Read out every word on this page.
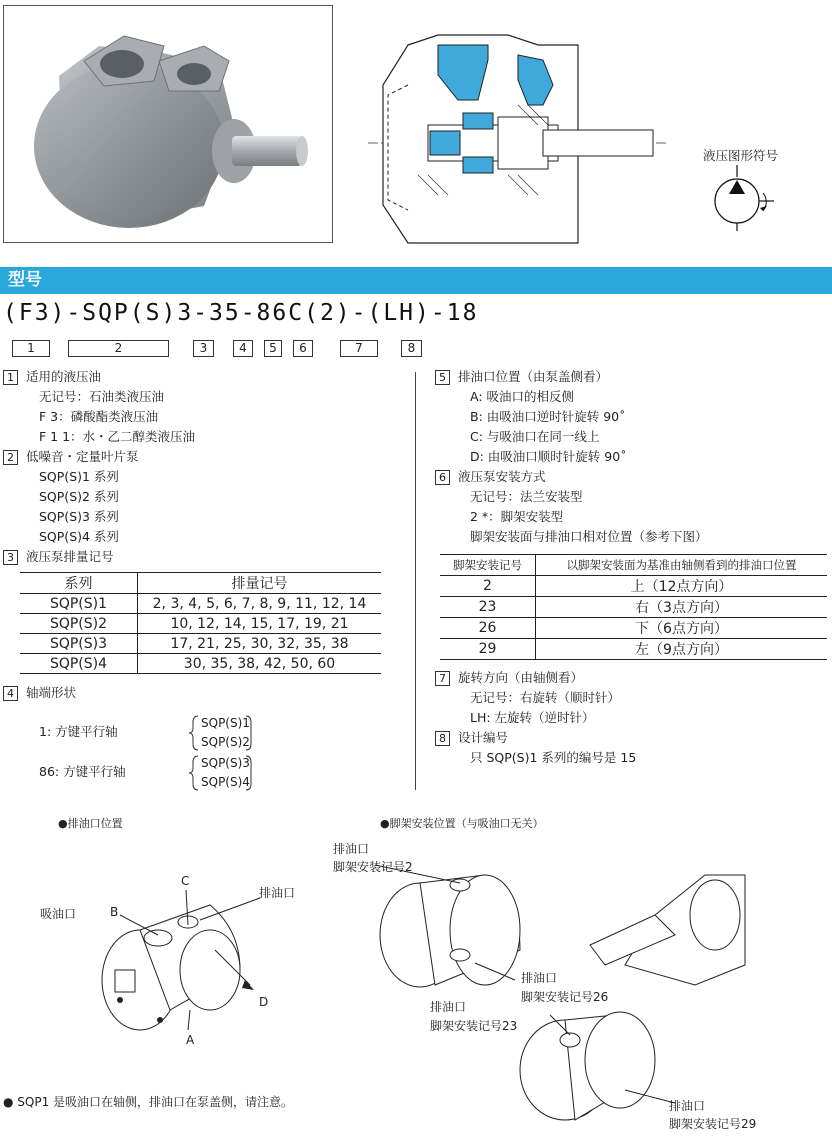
液压图形符号
型号
(F3)-SQP(S)3-35-86C(2)-(LH)-18
1	2	3	4	5	6	7	8
1 适用的液压油
无记号：石油类液压油
F 3：磷酸酯类液压油
F 1 1：水・乙二醇类液压油
2 低噪音・定量叶片泵
SQP(S)1 系列
SQP(S)2 系列
SQP(S)3 系列
SQP(S)4 系列
3 液压泵排量记号
系列	排量记号
SQP(S)1	2, 3, 4, 5, 6, 7, 8, 9, 11, 12, 14
SQP(S)2	10, 12, 14, 15, 17, 19, 21
SQP(S)3	17, 21, 25, 30, 32, 35, 38
SQP(S)4	30, 35, 38, 42, 50, 60
4 轴端形状
1: 方键平行轴
SQP(S)1
SQP(S)2
86: 方键平行轴
SQP(S)3
SQP(S)4
5 排油口位置（由泵盖侧看）
A: 吸油口的相反侧
B: 由吸油口逆时针旋转 90˚
C: 与吸油口在同一线上
D: 由吸油口顺时针旋转 90˚
6 液压泵安装方式
无记号：法兰安装型
2 *：脚架安装型
脚架安装面与排油口相对位置（参考下图）
脚架安装记号	以脚架安装面为基准由轴侧看到的排油口位置
2	上（12点方向）
23	右（3点方向）
26	下（6点方向）
29	左（9点方向）
7 旋转方向（由轴侧看）
无记号：右旋转（顺时针）
LH: 左旋转（逆时针）
8 设计编号
只 SQP(S)1 系列的编号是 15
●排油口位置	●脚架安装位置（与吸油口无关）
吸油口	B
C
排油口
D
A
排油口
脚架安装记号2
排油口
脚架安装记号26
排油口
脚架安装记号23
排油口
脚架安装记号29
● SQP1 是吸油口在轴侧，排油口在泵盖侧，请注意。
